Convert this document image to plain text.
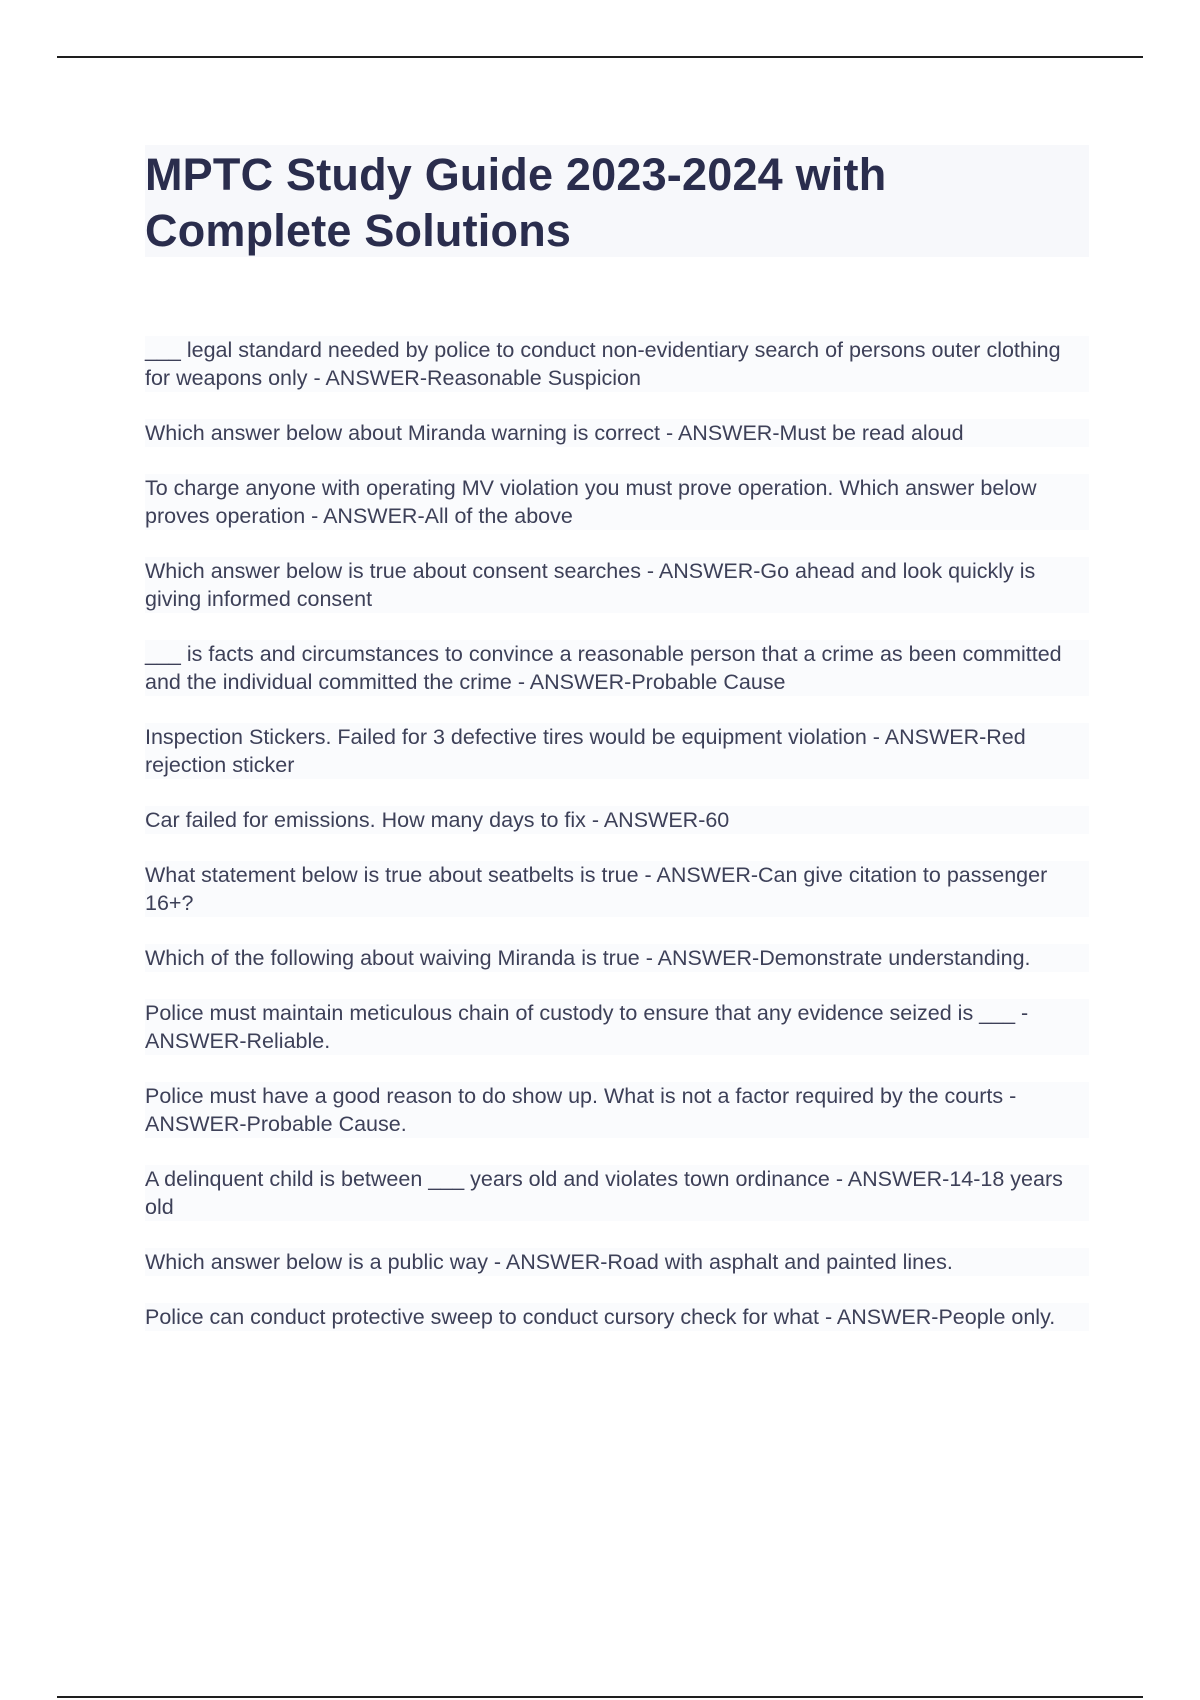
MPTC Study Guide 2023-2024 with Complete Solutions
___ legal standard needed by police to conduct non-evidentiary search of persons outer clothing for weapons only - ANSWER-Reasonable Suspicion
Which answer below about Miranda warning is correct - ANSWER-Must be read aloud
To charge anyone with operating MV violation you must prove operation. Which answer below proves operation - ANSWER-All of the above
Which answer below is true about consent searches - ANSWER-Go ahead and look quickly is giving informed consent
___ is facts and circumstances to convince a reasonable person that a crime as been committed and the individual committed the crime - ANSWER-Probable Cause
Inspection Stickers. Failed for 3 defective tires would be equipment violation - ANSWER-Red rejection sticker
Car failed for emissions. How many days to fix - ANSWER-60
What statement below is true about seatbelts is true - ANSWER-Can give citation to passenger 16+?
Which of the following about waiving Miranda is true - ANSWER-Demonstrate understanding.
Police must maintain meticulous chain of custody to ensure that any evidence seized is ___ - ANSWER-Reliable.
Police must have a good reason to do show up. What is not a factor required by the courts - ANSWER-Probable Cause.
A delinquent child is between ___ years old and violates town ordinance - ANSWER-14-18 years old
Which answer below is a public way - ANSWER-Road with asphalt and painted lines.
Police can conduct protective sweep to conduct cursory check for what - ANSWER-People only.
